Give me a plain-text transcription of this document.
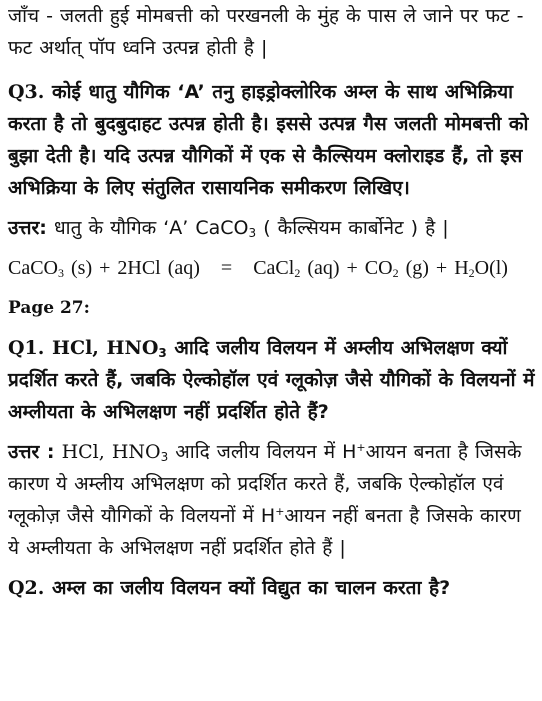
जाँच - जलती हुई मोमबत्ती को परखनली के मुंह के पास ले जाने पर फट - फट अर्थात् पॉप ध्वनि उत्पन्न होती है |

Q3. कोई धातु यौगिक ‘A’ तनु हाइड्रोक्लोरिक अम्ल के साथ अभिक्रिया करता है तो बुदबुदाहट उत्पन्न होती है। इससे उत्पन्न गैस जलती मोमबत्ती को बुझा देती है। यदि उत्पन्न यौगिकों में एक से कैल्सियम क्लोराइड हैं, तो इस अभिक्रिया के लिए संतुलित रासायनिक समीकरण लिखिए।

उत्तर: धातु के यौगिक ‘A’ CaCO$_3$ ( कैल्सियम कार्बोनेट ) है |

CaCO$_3$ (s) + 2HCl (aq) = CaCl$_2$ $(aq) + CO_2$ $(g) + H_2O(l)$

Page 27:

Q1. HCl, $HNO_3$ आदि जलीय विलयन में अम्लीय अभिलक्षण क्यों प्रदर्शित करते हैं, जबकि ऐल्कोहॉल एवं ग्लूकोज़ जैसे यौगिकों के विलयनों में अम्लीयता के अभिलक्षण नहीं प्रदर्शित होते हैं?

उत्तर : HCl, $HNO_3$ आदि जलीय विलयन में H+आयन बनता है जिसके कारण ये अम्लीय अभिलक्षण को प्रदर्शित करते हैं, जबकि ऐल्कोहॉल एवं ग्लूकोज़ जैसे यौगिकों के विलयनों में H+आयन नहीं बनता है जिसके कारण ये अम्लीयता के अभिलक्षण नहीं प्रदर्शित होते हैं |

Q2. अम्ल का जलीय विलयन क्यों विद्युत का चालन करता है?
